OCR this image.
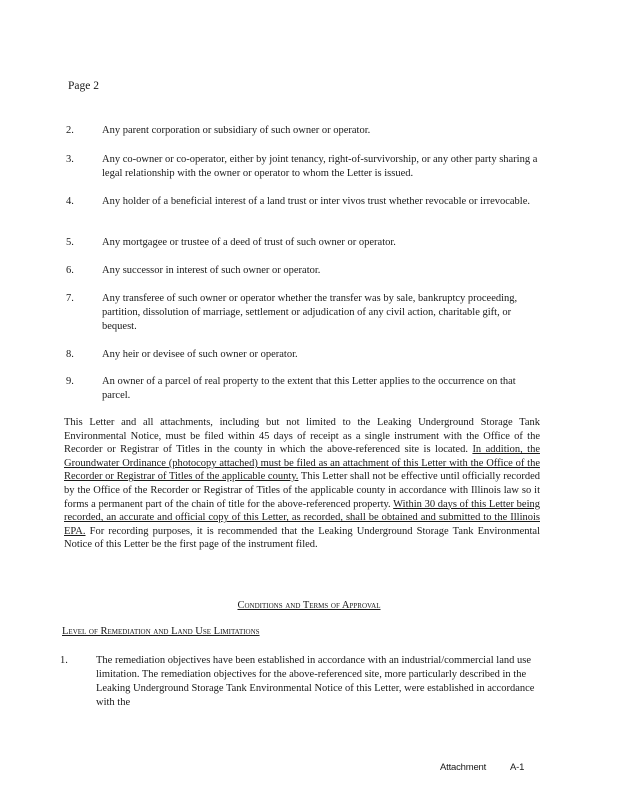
Page 2
2.	Any parent corporation or subsidiary of such owner or operator.
3.	Any co-owner or co-operator, either by joint tenancy, right-of-survivorship, or any other party sharing a legal relationship with the owner or operator to whom the Letter is issued.
4.	Any holder of a beneficial interest of a land trust or inter vivos trust whether revocable or irrevocable.
5.	Any mortgagee or trustee of a deed of trust of such owner or operator.
6.	Any successor in interest of such owner or operator.
7.	Any transferee of such owner or operator whether the transfer was by sale, bankruptcy proceeding, partition, dissolution of marriage, settlement or adjudication of any civil action, charitable gift, or bequest.
8.	Any heir or devisee of such owner or operator.
9.	An owner of a parcel of real property to the extent that this Letter applies to the occurrence on that parcel.
This Letter and all attachments, including but not limited to the Leaking Underground Storage Tank Environmental Notice, must be filed within 45 days of receipt as a single instrument with the Office of the Recorder or Registrar of Titles in the county in which the above-referenced site is located. In addition, the Groundwater Ordinance (photocopy attached) must be filed as an attachment of this Letter with the Office of the Recorder or Registrar of Titles of the applicable county. This Letter shall not be effective until officially recorded by the Office of the Recorder or Registrar of Titles of the applicable county in accordance with Illinois law so it forms a permanent part of the chain of title for the above-referenced property. Within 30 days of this Letter being recorded, an accurate and official copy of this Letter, as recorded, shall be obtained and submitted to the Illinois EPA. For recording purposes, it is recommended that the Leaking Underground Storage Tank Environmental Notice of this Letter be the first page of the instrument filed.
Conditions and Terms of Approval
Level of Remediation and Land Use Limitations
1.	The remediation objectives have been established in accordance with an industrial/commercial land use limitation. The remediation objectives for the above-referenced site, more particularly described in the Leaking Underground Storage Tank Environmental Notice of this Letter, were established in accordance with the
Attachment	A-1
